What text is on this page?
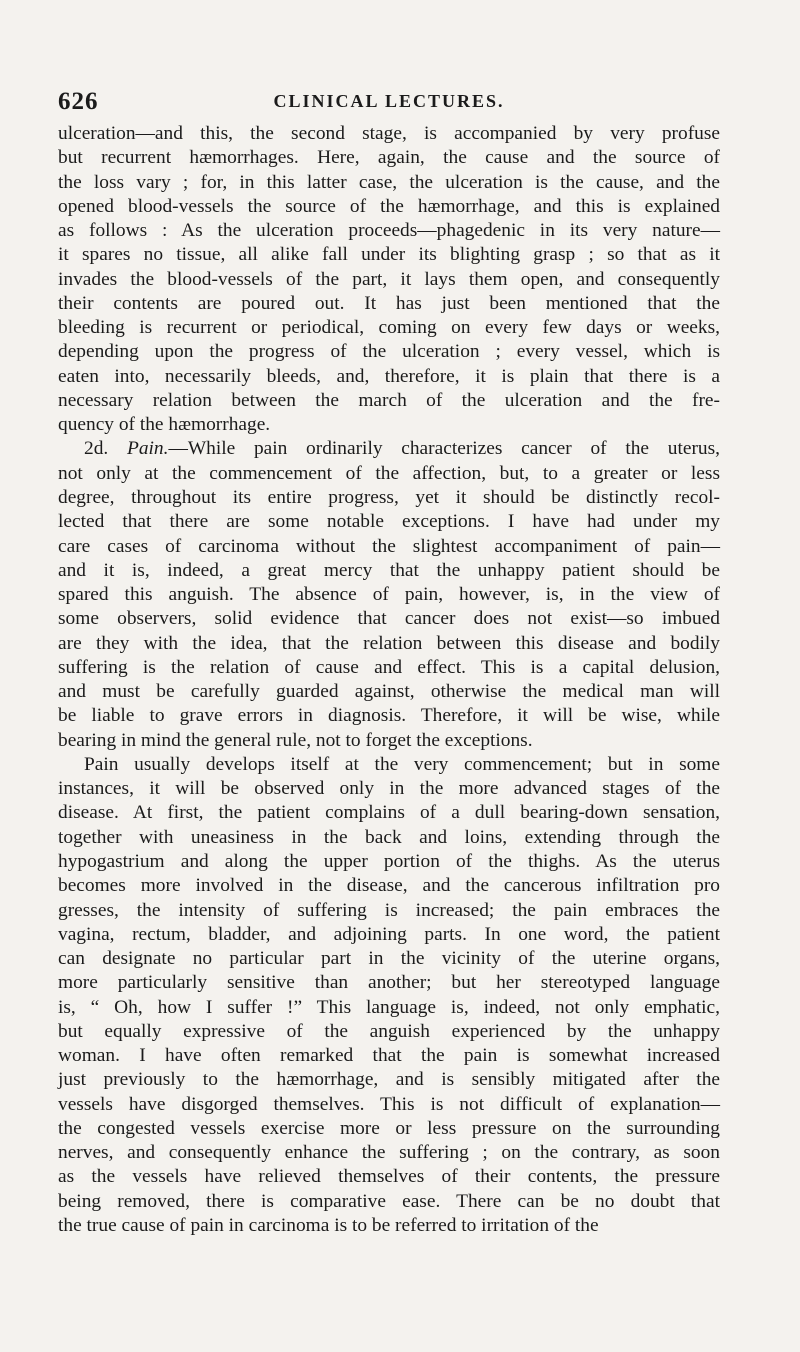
626	CLINICAL LECTURES.
ulceration—and this, the second stage, is accompanied by very profuse
but recurrent hæmorrhages. Here, again, the cause and the source of
the loss vary ; for, in this latter case, the ulceration is the cause, and the
opened blood-vessels the source of the hæmorrhage, and this is explained
as follows : As the ulceration proceeds—phagedenic in its very nature—
it spares no tissue, all alike fall under its blighting grasp ; so that as it
invades the blood-vessels of the part, it lays them open, and consequently
their contents are poured out. It has just been mentioned that the
bleeding is recurrent or periodical, coming on every few days or weeks,
depending upon the progress of the ulceration ; every vessel, which is
eaten into, necessarily bleeds, and, therefore, it is plain that there is a
necessary relation between the march of the ulceration and the fre-
quency of the hæmorrhage.
2d. Pain.—While pain ordinarily characterizes cancer of the uterus,
not only at the commencement of the affection, but, to a greater or less
degree, throughout its entire progress, yet it should be distinctly recol-
lected that there are some notable exceptions. I have had under my
care cases of carcinoma without the slightest accompaniment of pain—
and it is, indeed, a great mercy that the unhappy patient should be
spared this anguish. The absence of pain, however, is, in the view of
some observers, solid evidence that cancer does not exist—so imbued
are they with the idea, that the relation between this disease and bodily
suffering is the relation of cause and effect. This is a capital delusion,
and must be carefully guarded against, otherwise the medical man will
be liable to grave errors in diagnosis. Therefore, it will be wise, while
bearing in mind the general rule, not to forget the exceptions.
Pain usually develops itself at the very commencement; but in some
instances, it will be observed only in the more advanced stages of the
disease. At first, the patient complains of a dull bearing-down sensation,
together with uneasiness in the back and loins, extending through the
hypogastrium and along the upper portion of the thighs. As the uterus
becomes more involved in the disease, and the cancerous infiltration pro
gresses, the intensity of suffering is increased; the pain embraces the
vagina, rectum, bladder, and adjoining parts. In one word, the patient
can designate no particular part in the vicinity of the uterine organs,
more particularly sensitive than another; but her stereotyped language
is, “ Oh, how I suffer !” This language is, indeed, not only emphatic,
but equally expressive of the anguish experienced by the unhappy
woman. I have often remarked that the pain is somewhat increased
just previously to the hæmorrhage, and is sensibly mitigated after the
vessels have disgorged themselves. This is not difficult of explanation—
the congested vessels exercise more or less pressure on the surrounding
nerves, and consequently enhance the suffering ; on the contrary, as soon
as the vessels have relieved themselves of their contents, the pressure
being removed, there is comparative ease. There can be no doubt that
the true cause of pain in carcinoma is to be referred to irritation of the
